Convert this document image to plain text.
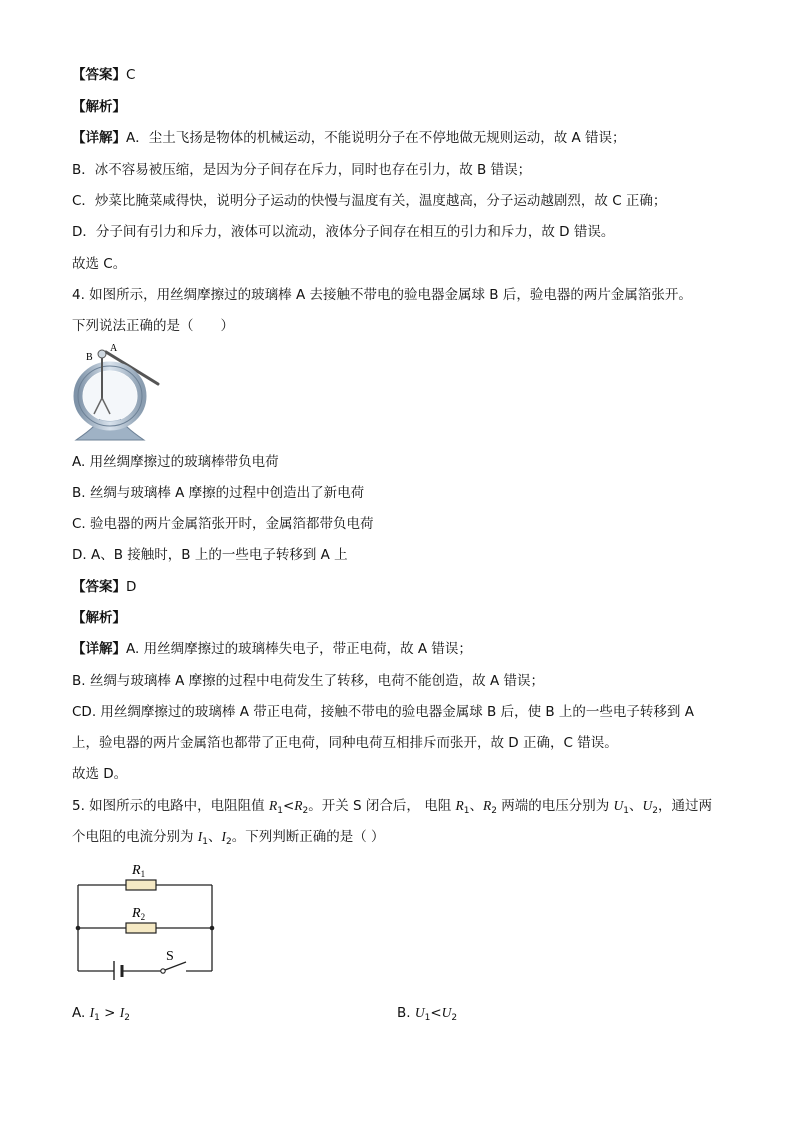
【答案】C
【解析】
【详解】A．尘土飞扬是物体的机械运动，不能说明分子在不停地做无规则运动，故 A 错误；
B．冰不容易被压缩，是因为分子间存在斥力，同时也存在引力，故 B 错误；
C．炒菜比腌菜咸得快，说明分子运动的快慢与温度有关，温度越高，分子运动越剧烈，故 C 正确；
D．分子间有引力和斥力，液体可以流动，液体分子间存在相互的引力和斥力，故 D 错误。
故选 C。
4. 如图所示，用丝绸摩擦过的玻璃棒 A 去接触不带电的验电器金属球 B 后，验电器的两片金属箔张开。
下列说法正确的是（　　）
A
B
A. 用丝绸摩擦过的玻璃棒带负电荷
B. 丝绸与玻璃棒 A 摩擦的过程中创造出了新电荷
C. 验电器的两片金属箔张开时，金属箔都带负电荷
D. A、B 接触时，B 上的一些电子转移到 A 上
【答案】D
【解析】
【详解】A. 用丝绸摩擦过的玻璃棒失电子，带正电荷，故 A 错误；
B. 丝绸与玻璃棒 A 摩擦的过程中电荷发生了转移，电荷不能创造，故 A 错误；
CD. 用丝绸摩擦过的玻璃棒 A 带正电荷，接触不带电的验电器金属球 B 后，使 B 上的一些电子转移到 A
上，验电器的两片金属箔也都带了正电荷，同种电荷互相排斥而张开，故 D 正确，C 错误。
故选 D。
5. 如图所示的电路中，电阻阻值 $R_1<R_2$。开关 S 闭合后， 电阻 $R_1$、$R_2$ 两端的电压分别为 $U_1$、$U_2$，通过两
个电阻的电流分别为 $I_1$、$I_2$。下列判断正确的是（ ）
$R_1$
$R_2$
S
A. $I_1 > I_2$	B. $U_1<U_2$
